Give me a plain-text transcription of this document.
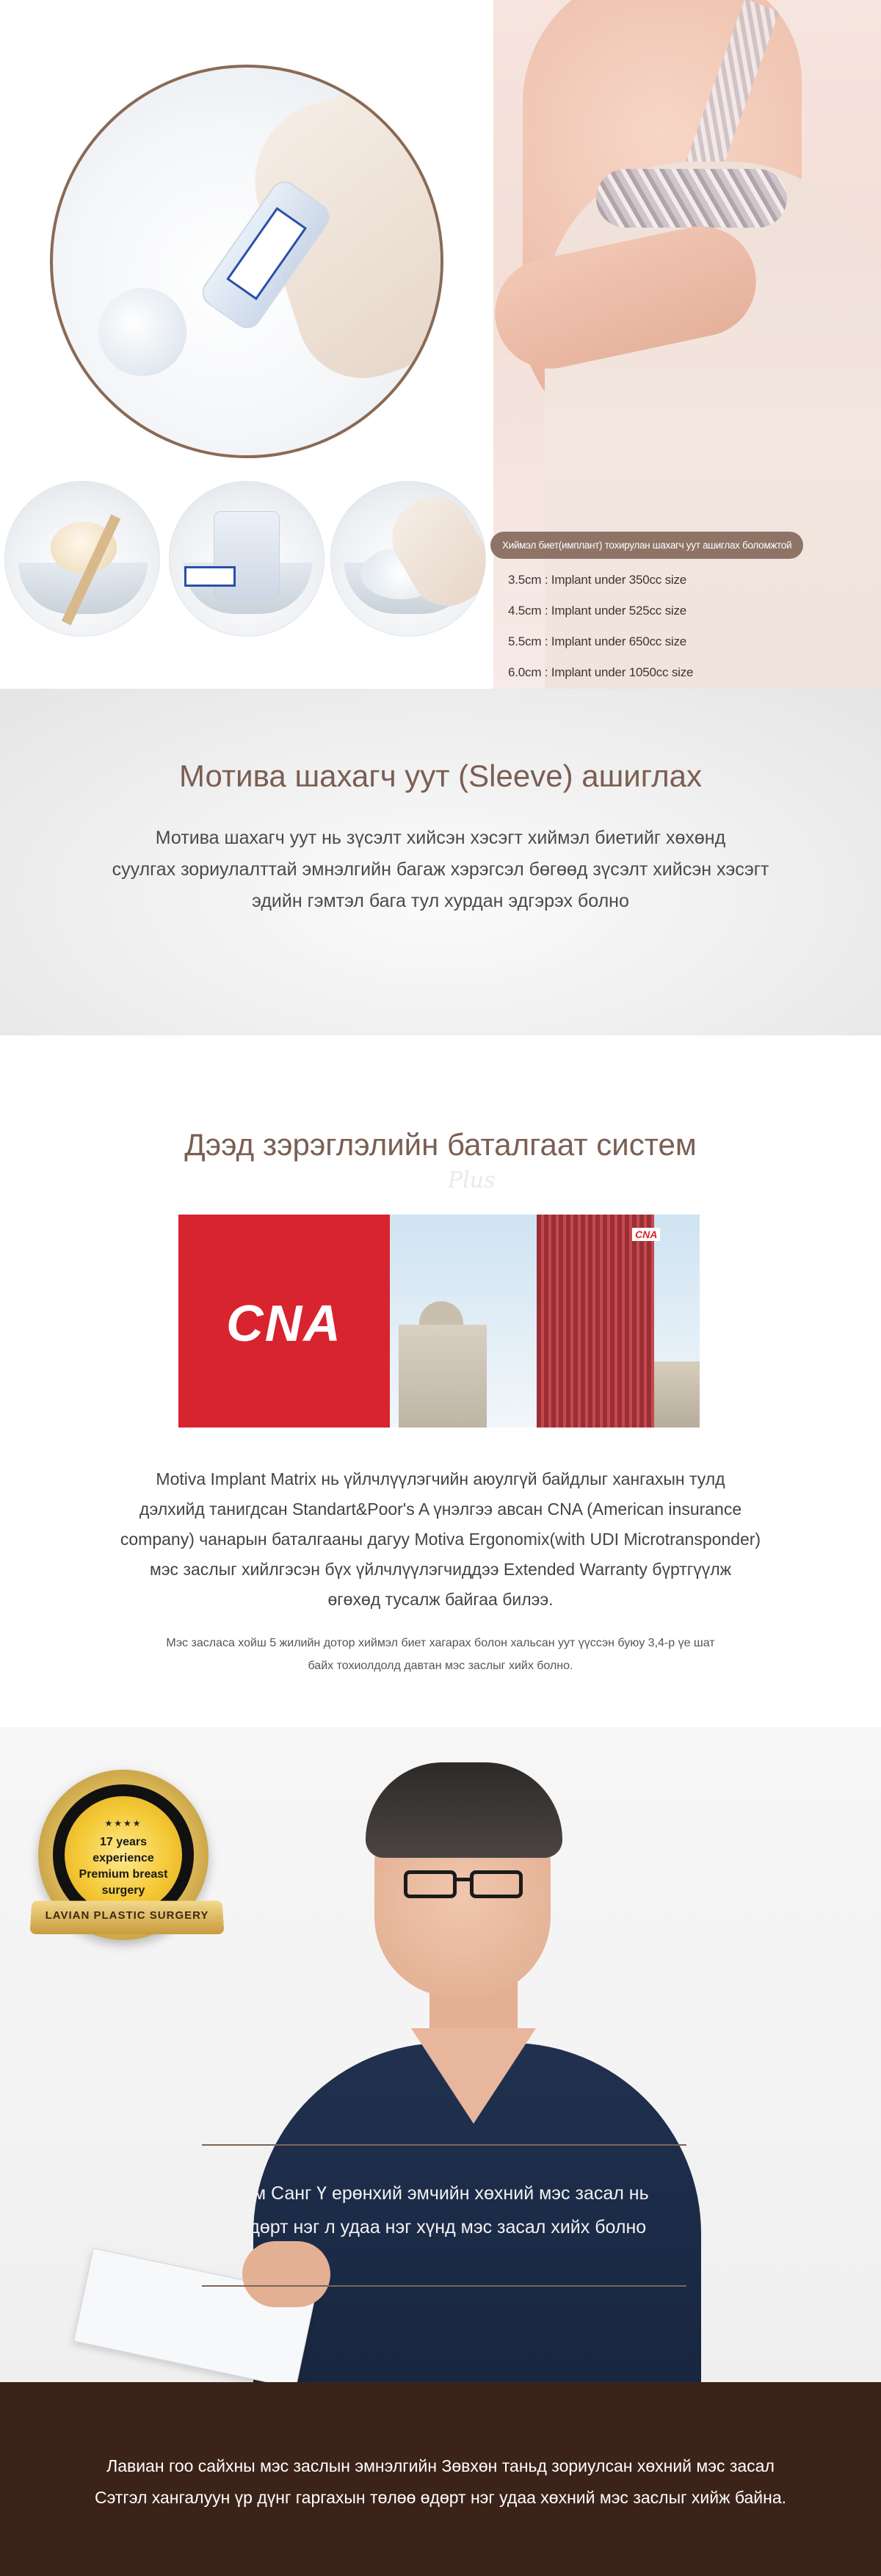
Хиймэл биет(имплант) тохирулан шахагч уут ашиглах боломжтой
3.5cm : Implant under 350cc size
4.5cm : Implant under 525cc size
5.5cm : Implant under 650cc size
6.0cm : Implant under 1050cc size
Мотива шахагч уут (Sleeve) ашиглах

Мотива шахагч уут нь зүсэлт хийсэн хэсэгт хиймэл биетийг хөхөнд
суулгах зориулалттай эмнэлгийн багаж хэрэгсэл бөгөөд зүсэлт хийсэн хэсэгт
эдийн гэмтэл бага тул хурдан эдгэрэх болно

Дээд зэрэглэлийн баталгаат систем
Plus
CNA
CNA

Motiva Implant Matrix нь үйлчлүүлэгчийн аюулгүй байдлыг хангахын тулд
дэлхийд танигдсан Standart&Poor's A үнэлгээ авсан CNA (American insurance
company) чанарын баталгааны дагуу Motiva Ergonomix(with UDI Microtransponder)
мэс заслыг хийлгэсэн бүх үйлчлүүлэгчиддээ Extended Warranty бүртгүүлж
өгөхөд тусалж байгаа билээ.

Мэс засласа хойш 5 жилийн дотор хиймэл биет хагарах болон хальсан уут үүссэн буюу 3,4-р үе шат
байх тохиолдолд давтан мэс заслыг хийх болно.

★★★★
17 years
experience
Premium breast
surgery
LAVIAN PLASTIC SURGERY

Ким Санг Ү ерөнхий эмчийн хөхний мэс засал нь
Өдөрт нэг л удаа нэг хүнд мэс засал хийх болно

Лавиан гоо сайхны мэс заслын эмнэлгийн Зөвхөн таньд зориулсан хөхний мэс засал
Сэтгэл хангалуун үр дүнг гаргахын төлөө өдөрт нэг удаа хөхний мэс заслыг хийж байна.
